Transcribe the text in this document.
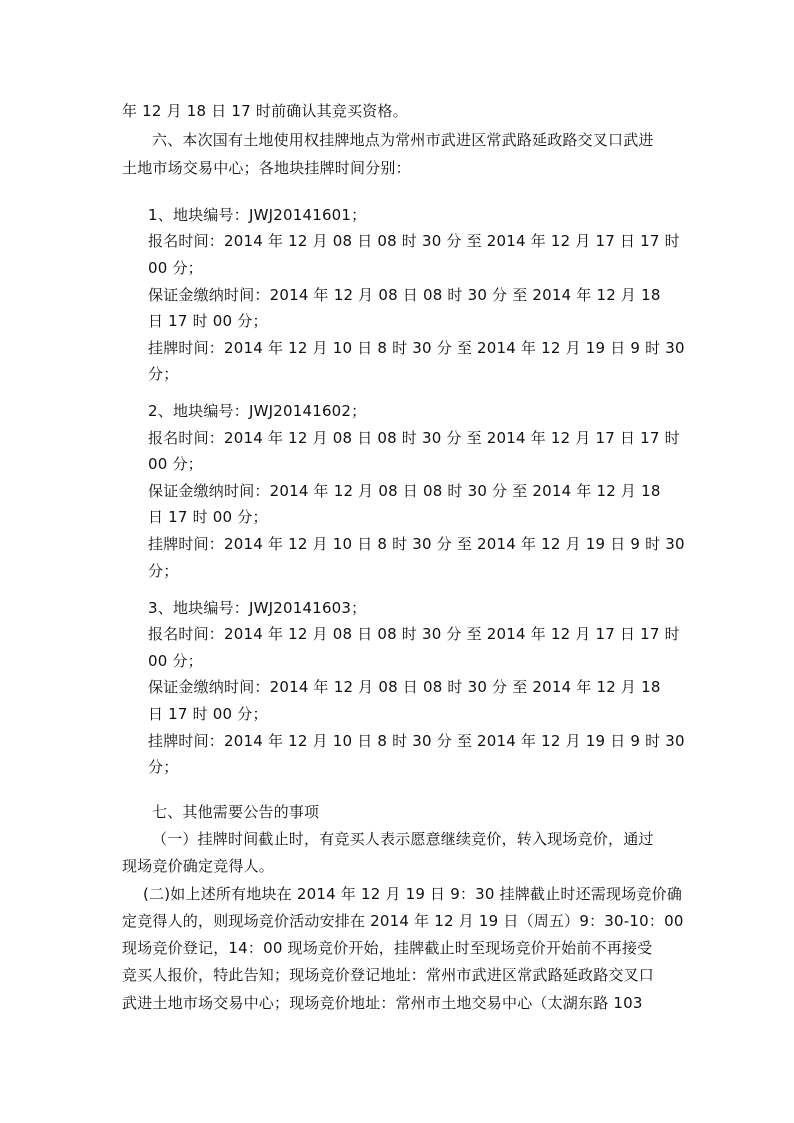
年 12 月 18 日 17 时前确认其竞买资格。
六、本次国有土地使用权挂牌地点为常州市武进区常武路延政路交叉口武进
土地市场交易中心；各地块挂牌时间分别：
1、地块编号：JWJ20141601；
报名时间：2014 年 12 月 08 日 08 时 30 分 至 2014 年 12 月 17 日 17 时
00 分；
保证金缴纳时间：2014 年 12 月 08 日 08 时 30 分 至 2014 年 12 月 18
日 17 时 00 分；
挂牌时间：2014 年 12 月 10 日 8 时 30 分 至 2014 年 12 月 19 日 9 时 30
分；
2、地块编号：JWJ20141602；
报名时间：2014 年 12 月 08 日 08 时 30 分 至 2014 年 12 月 17 日 17 时
00 分；
保证金缴纳时间：2014 年 12 月 08 日 08 时 30 分 至 2014 年 12 月 18
日 17 时 00 分；
挂牌时间：2014 年 12 月 10 日 8 时 30 分 至 2014 年 12 月 19 日 9 时 30
分；
3、地块编号：JWJ20141603；
报名时间：2014 年 12 月 08 日 08 时 30 分 至 2014 年 12 月 17 日 17 时
00 分；
保证金缴纳时间：2014 年 12 月 08 日 08 时 30 分 至 2014 年 12 月 18
日 17 时 00 分；
挂牌时间：2014 年 12 月 10 日 8 时 30 分 至 2014 年 12 月 19 日 9 时 30
分；
七、其他需要公告的事项
（一）挂牌时间截止时，有竞买人表示愿意继续竞价，转入现场竞价，通过
现场竞价确定竞得人。
(二)如上述所有地块在 2014 年 12 月 19 日 9：30 挂牌截止时还需现场竞价确
定竞得人的，则现场竞价活动安排在 2014 年 12 月 19 日（周五）9：30-10：00
现场竞价登记，14：00 现场竞价开始，挂牌截止时至现场竞价开始前不再接受
竞买人报价，特此告知；现场竞价登记地址：常州市武进区常武路延政路交叉口
武进土地市场交易中心；现场竞价地址：常州市土地交易中心（太湖东路 103
